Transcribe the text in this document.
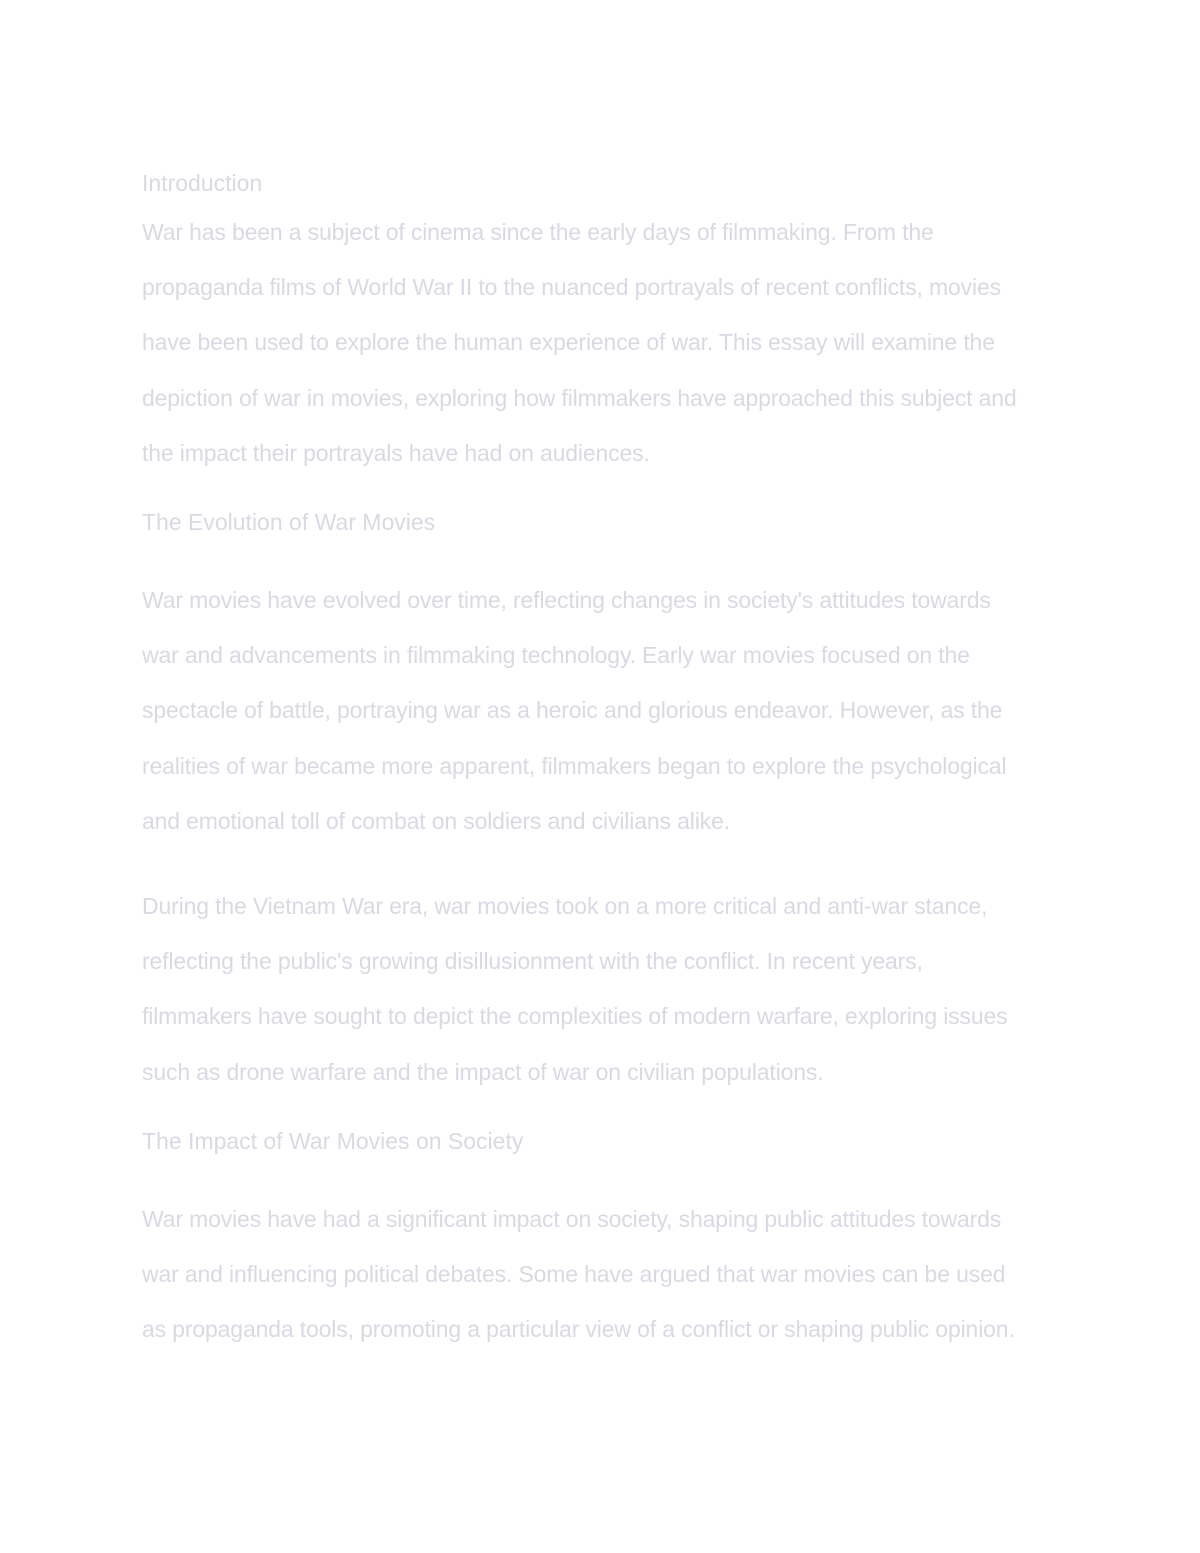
Introduction

War has been a subject of cinema since the early days of filmmaking. From the
propaganda films of World War II to the nuanced portrayals of recent conflicts, movies
have been used to explore the human experience of war. This essay will examine the
depiction of war in movies, exploring how filmmakers have approached this subject and
the impact their portrayals have had on audiences.

The Evolution of War Movies

War movies have evolved over time, reflecting changes in society's attitudes towards
war and advancements in filmmaking technology. Early war movies focused on the
spectacle of battle, portraying war as a heroic and glorious endeavor. However, as the
realities of war became more apparent, filmmakers began to explore the psychological
and emotional toll of combat on soldiers and civilians alike.

During the Vietnam War era, war movies took on a more critical and anti-war stance,
reflecting the public's growing disillusionment with the conflict. In recent years,
filmmakers have sought to depict the complexities of modern warfare, exploring issues
such as drone warfare and the impact of war on civilian populations.

The Impact of War Movies on Society

War movies have had a significant impact on society, shaping public attitudes towards
war and influencing political debates. Some have argued that war movies can be used
as propaganda tools, promoting a particular view of a conflict or shaping public opinion.
